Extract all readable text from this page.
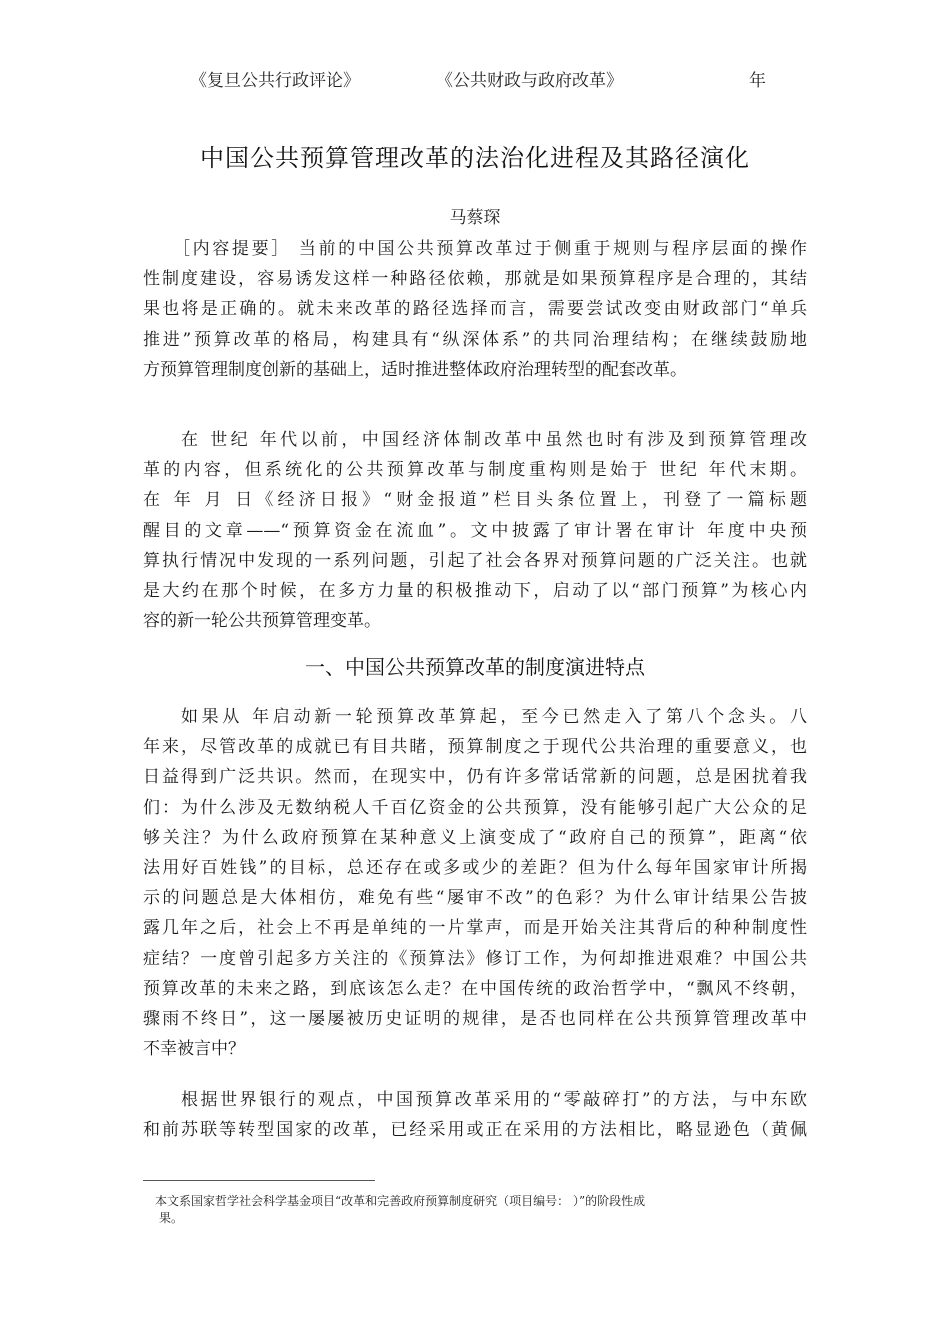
《复旦公共行政评论》	《公共财政与政府改革》	年
中国公共预算管理改革的法治化进程及其路径演化
马蔡琛
［内容提要］ 当前的中国公共预算改革过于侧重于规则与程序层面的操作
性制度建设，容易诱发这样一种路径依赖，那就是如果预算程序是合理的，其结
果也将是正确的。就未来改革的路径选择而言，需要尝试改变由财政部门“单兵
推进”预算改革的格局，构建具有“纵深体系”的共同治理结构；在继续鼓励地
方预算管理制度创新的基础上，适时推进整体政府治理转型的配套改革。
在 世纪 年代以前，中国经济体制改革中虽然也时有涉及到预算管理改
革的内容，但系统化的公共预算改革与制度重构则是始于 世纪 年代末期。
在 年 月 日《经济日报》“财金报道”栏目头条位置上，刊登了一篇标题
醒目的文章——“预算资金在流血”。文中披露了审计署在审计 年度中央预
算执行情况中发现的一系列问题，引起了社会各界对预算问题的广泛关注。也就
是大约在那个时候，在多方力量的积极推动下，启动了以“部门预算”为核心内
容的新一轮公共预算管理变革。
一、中国公共预算改革的制度演进特点
如果从 年启动新一轮预算改革算起，至今已然走入了第八个念头。八
年来，尽管改革的成就已有目共睹，预算制度之于现代公共治理的重要意义，也
日益得到广泛共识。然而，在现实中，仍有许多常话常新的问题，总是困扰着我
们：为什么涉及无数纳税人千百亿资金的公共预算，没有能够引起广大公众的足
够关注？为什么政府预算在某种意义上演变成了“政府自己的预算”，距离“依
法用好百姓钱”的目标，总还存在或多或少的差距？但为什么每年国家审计所揭
示的问题总是大体相仿，难免有些“屡审不改”的色彩？为什么审计结果公告披
露几年之后，社会上不再是单纯的一片掌声，而是开始关注其背后的种种制度性
症结？一度曾引起多方关注的《预算法》修订工作，为何却推进艰难？中国公共
预算改革的未来之路，到底该怎么走？在中国传统的政治哲学中，“飘风不终朝，
骤雨不终日”，这一屡屡被历史证明的规律，是否也同样在公共预算管理改革中
不幸被言中？
根据世界银行的观点，中国预算改革采用的“零敲碎打”的方法，与中东欧
和前苏联等转型国家的改革，已经采用或正在采用的方法相比，略显逊色（黄佩
本文系国家哲学社会科学基金项目“改革和完善政府预算制度研究（项目编号： ）”的阶段性成
果。
